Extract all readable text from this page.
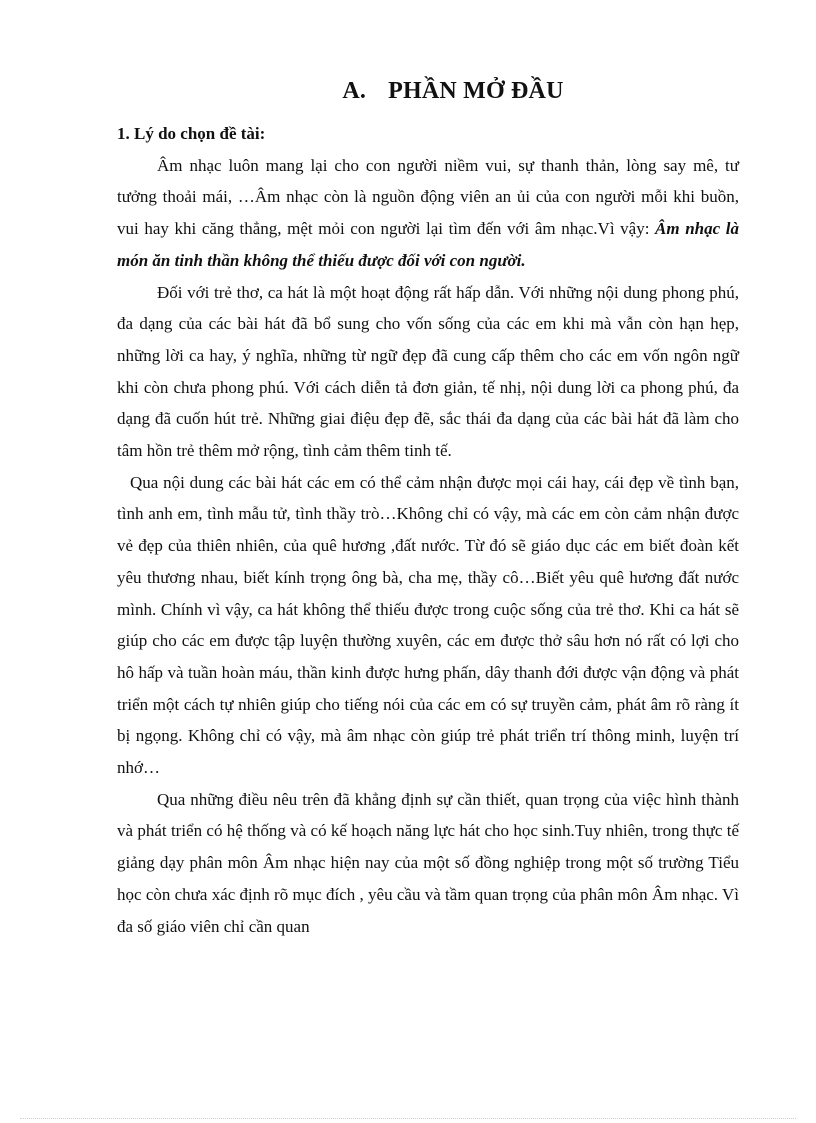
A. PHẦN MỞ ĐẦU

1. Lý do chọn đề tài:

Âm nhạc luôn mang lại cho con người niềm vui, sự thanh thản, lòng say mê, tư tưởng thoải mái, …Âm nhạc còn là nguồn động viên an ủi của con người mỗi khi buồn, vui hay khi căng thẳng, mệt mỏi con người lại tìm đến với âm nhạc.Vì vậy: Âm nhạc là món ăn tinh thần không thể thiếu được đối với con người.

Đối với trẻ thơ, ca hát là một hoạt động rất hấp dẫn. Với những nội dung phong phú, đa dạng của các bài hát đã bổ sung cho vốn sống của các em khi mà vẫn còn hạn hẹp, những lời ca hay, ý nghĩa, những từ ngữ đẹp đã cung cấp thêm cho các em vốn ngôn ngữ khi còn chưa phong phú. Với cách diễn tả đơn giản, tế nhị, nội dung lời ca phong phú, đa dạng đã cuốn hút trẻ. Những giai điệu đẹp đẽ, sắc thái đa dạng của các bài hát đã làm cho tâm hồn trẻ thêm mở rộng, tình cảm thêm tinh tế.

Qua nội dung các bài hát các em có thể cảm nhận được mọi cái hay, cái đẹp về tình bạn, tình anh em, tình mẫu tử, tình thầy trò…Không chỉ có vậy, mà các em còn cảm nhận được vẻ đẹp của thiên nhiên, của quê hương ,đất nước. Từ đó sẽ giáo dục các em biết đoàn kết yêu thương nhau, biết kính trọng ông bà, cha mẹ, thầy cô…Biết yêu quê hương đất nước mình. Chính vì vậy, ca hát không thể thiếu được trong cuộc sống của trẻ thơ. Khi ca hát sẽ giúp cho các em được tập luyện thường xuyên, các em được thở sâu hơn nó rất có lợi cho hô hấp và tuần hoàn máu, thần kinh được hưng phấn, dây thanh đới được vận động và phát triển một cách tự nhiên giúp cho tiếng nói của các em có sự truyền cảm, phát âm rõ ràng ít bị ngọng. Không chỉ có vậy, mà âm nhạc còn giúp trẻ phát triển trí thông minh, luyện trí nhớ…

Qua những điều nêu trên đã khẳng định sự cần thiết, quan trọng của việc hình thành và phát triển có hệ thống và có kế hoạch năng lực hát cho học sinh.Tuy nhiên, trong thực tế giảng dạy phân môn Âm nhạc hiện nay của một số đồng nghiệp trong một số trường Tiểu học còn chưa xác định rõ mục đích , yêu cầu và tầm quan trọng của phân môn Âm nhạc. Vì đa số giáo viên chỉ cần quan
